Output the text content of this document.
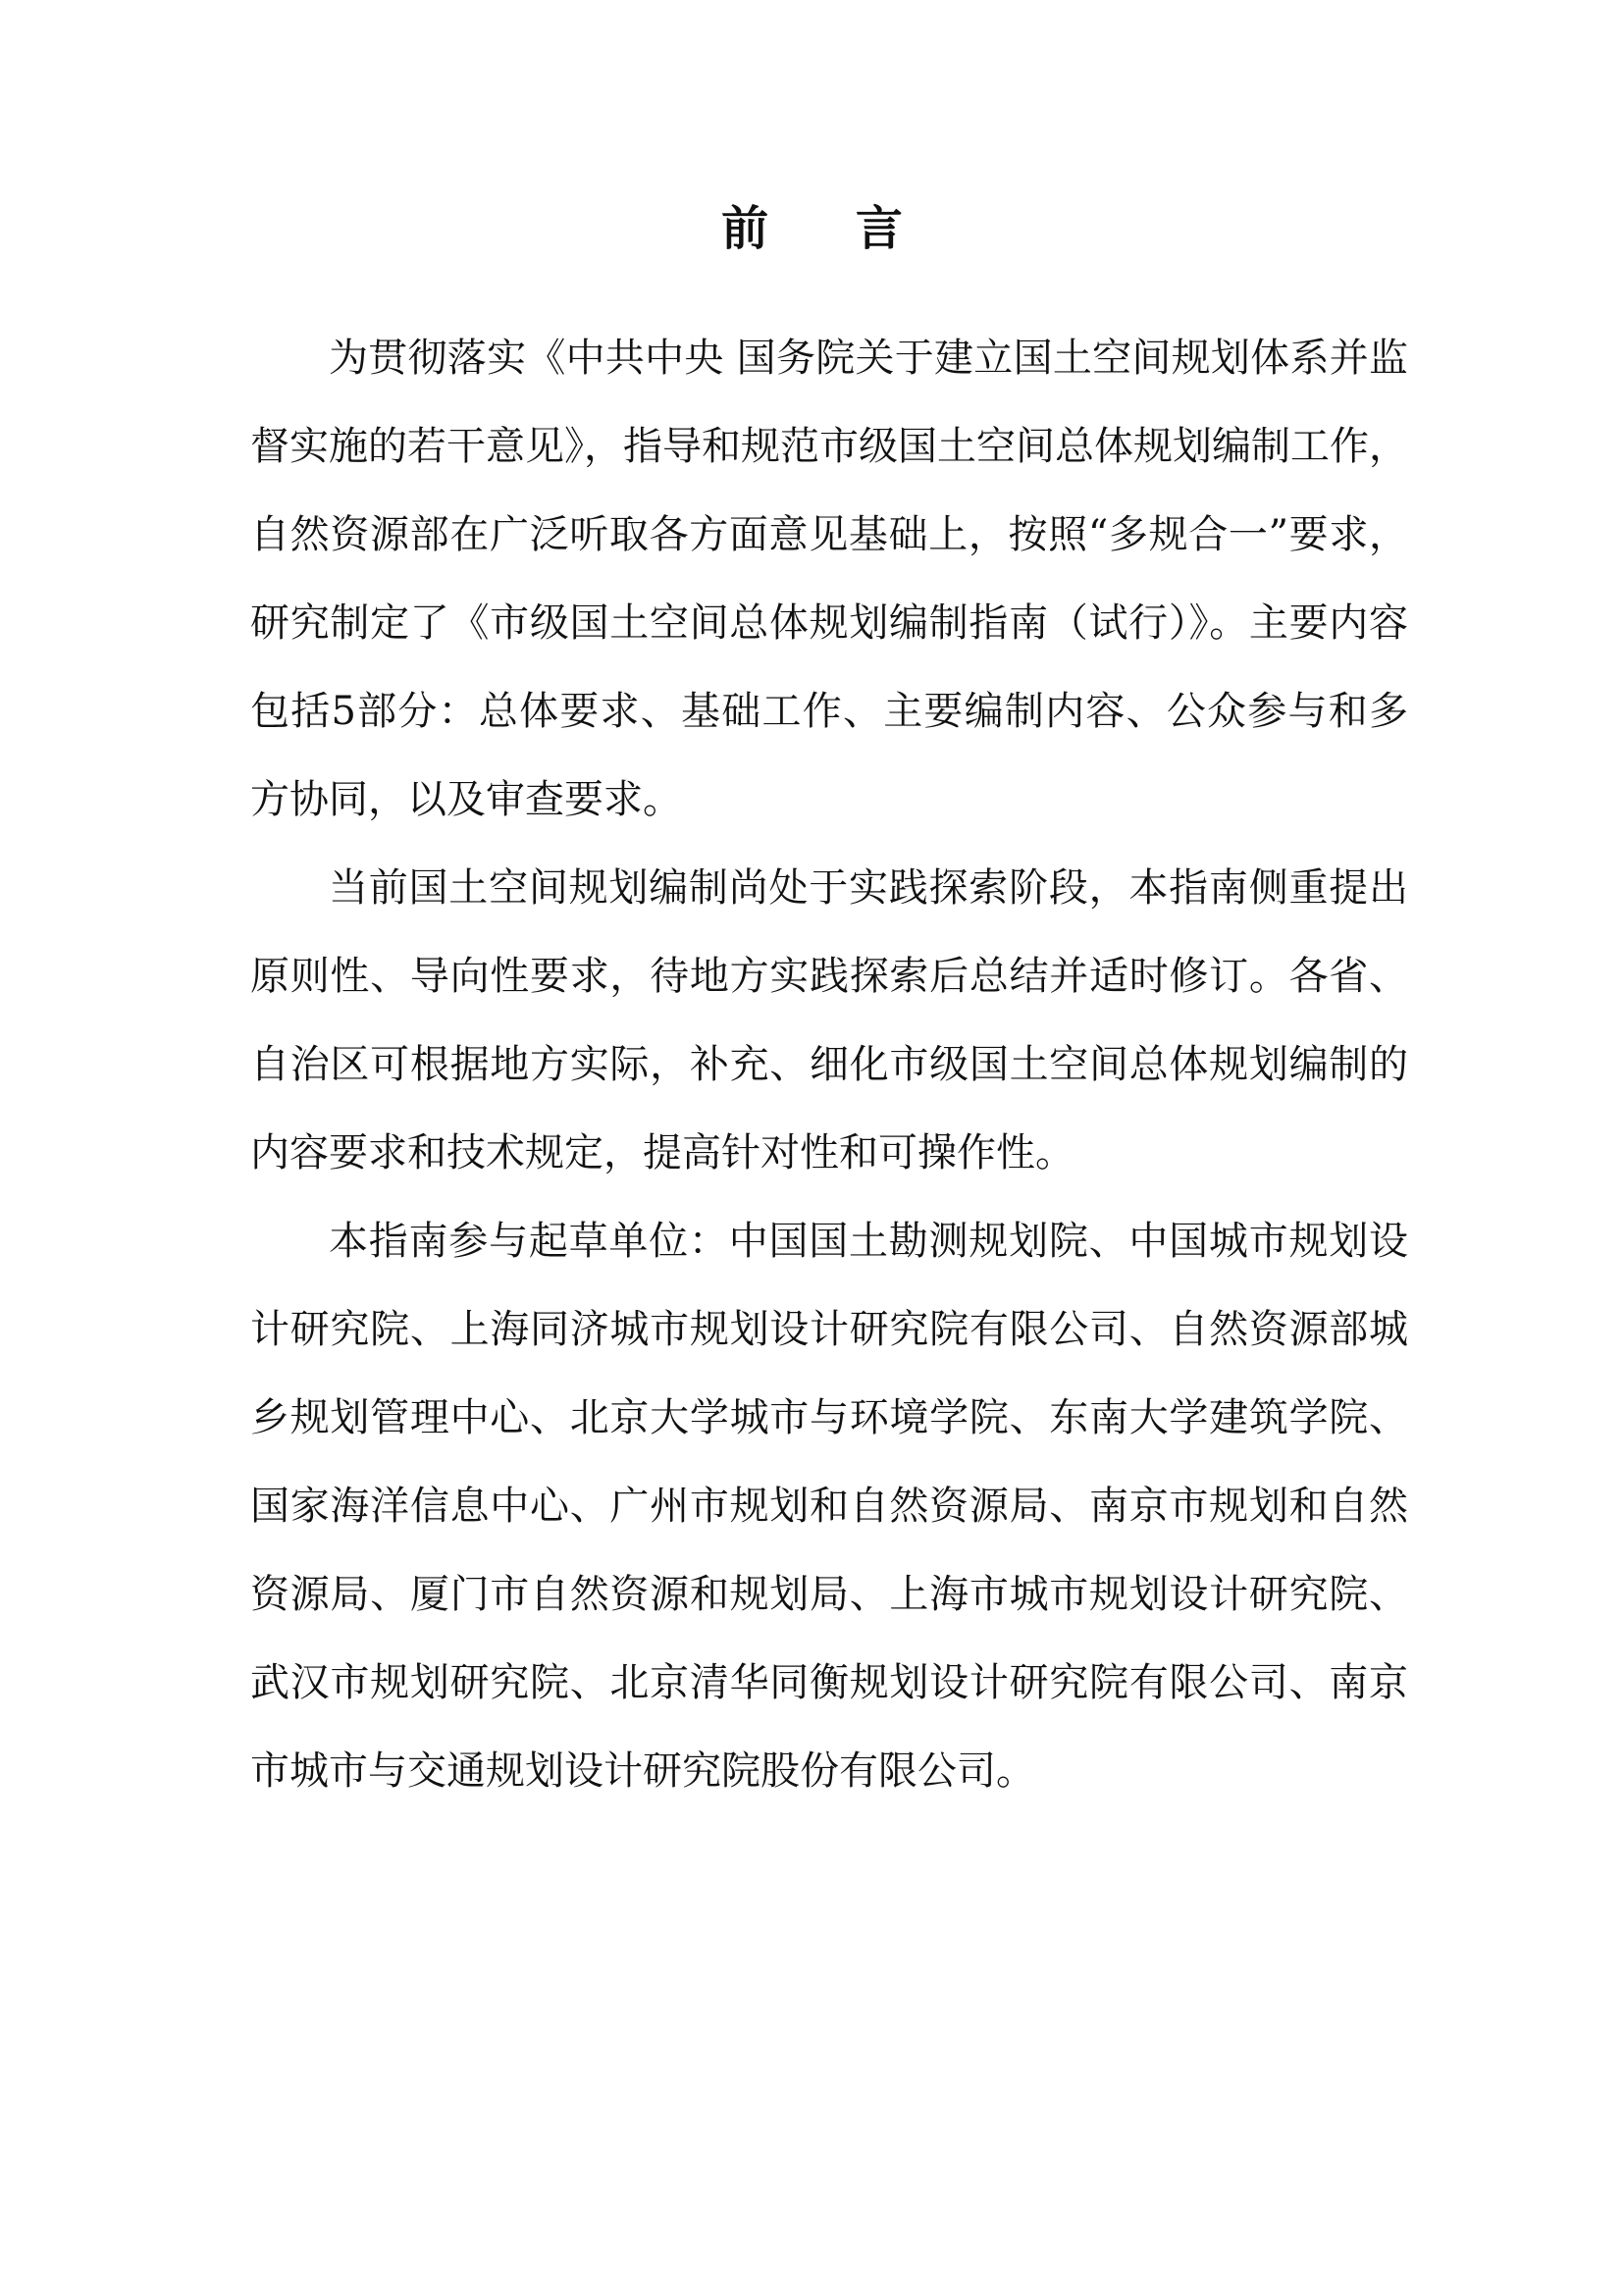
前 言

为贯彻落实《中共中央 国务院关于建立国土空间规划体系并监督实施的若干意见》，指导和规范市级国土空间总体规划编制工作，自然资源部在广泛听取各方面意见基础上，按照“多规合一”要求，研究制定了《市级国土空间总体规划编制指南（试行）》。主要内容包括5部分：总体要求、基础工作、主要编制内容、公众参与和多方协同，以及审查要求。

当前国土空间规划编制尚处于实践探索阶段，本指南侧重提出原则性、导向性要求，待地方实践探索后总结并适时修订。各省、自治区可根据地方实际，补充、细化市级国土空间总体规划编制的内容要求和技术规定，提高针对性和可操作性。

本指南参与起草单位：中国国土勘测规划院、中国城市规划设计研究院、上海同济城市规划设计研究院有限公司、自然资源部城乡规划管理中心、北京大学城市与环境学院、东南大学建筑学院、国家海洋信息中心、广州市规划和自然资源局、南京市规划和自然资源局、厦门市自然资源和规划局、上海市城市规划设计研究院、武汉市规划研究院、北京清华同衡规划设计研究院有限公司、南京市城市与交通规划设计研究院股份有限公司。
